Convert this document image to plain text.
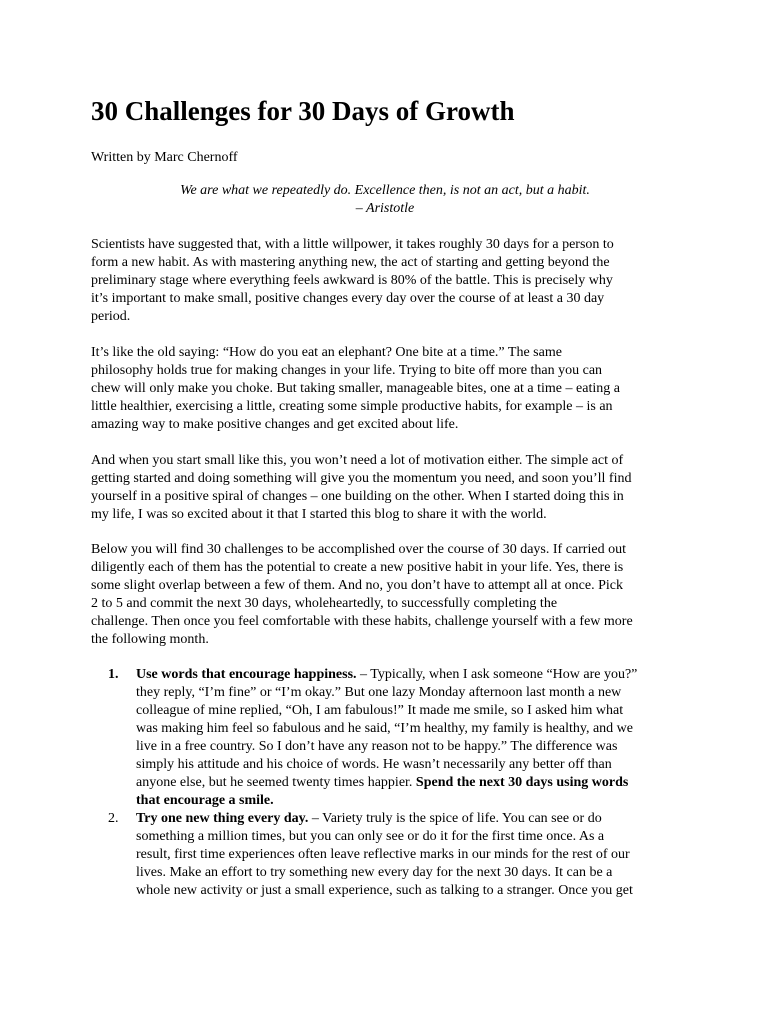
30 Challenges for 30 Days of Growth

Written by Marc Chernoff

We are what we repeatedly do. Excellence then, is not an act, but a habit.
– Aristotle

Scientists have suggested that, with a little willpower, it takes roughly 30 days for a person to
form a new habit. As with mastering anything new, the act of starting and getting beyond the
preliminary stage where everything feels awkward is 80% of the battle. This is precisely why
it’s important to make small, positive changes every day over the course of at least a 30 day
period.

It’s like the old saying: “How do you eat an elephant? One bite at a time.” The same
philosophy holds true for making changes in your life. Trying to bite off more than you can
chew will only make you choke. But taking smaller, manageable bites, one at a time – eating a
little healthier, exercising a little, creating some simple productive habits, for example – is an
amazing way to make positive changes and get excited about life.

And when you start small like this, you won’t need a lot of motivation either. The simple act of
getting started and doing something will give you the momentum you need, and soon you’ll find
yourself in a positive spiral of changes – one building on the other. When I started doing this in
my life, I was so excited about it that I started this blog to share it with the world.

Below you will find 30 challenges to be accomplished over the course of 30 days. If carried out
diligently each of them has the potential to create a new positive habit in your life. Yes, there is
some slight overlap between a few of them. And no, you don’t have to attempt all at once. Pick
2 to 5 and commit the next 30 days, wholeheartedly, to successfully completing the
challenge. Then once you feel comfortable with these habits, challenge yourself with a few more
the following month.

1. Use words that encourage happiness. – Typically, when I ask someone “How are you?”
they reply, “I’m fine” or “I’m okay.” But one lazy Monday afternoon last month a new
colleague of mine replied, “Oh, I am fabulous!” It made me smile, so I asked him what
was making him feel so fabulous and he said, “I’m healthy, my family is healthy, and we
live in a free country. So I don’t have any reason not to be happy.” The difference was
simply his attitude and his choice of words. He wasn’t necessarily any better off than
anyone else, but he seemed twenty times happier. Spend the next 30 days using words
that encourage a smile.
2. Try one new thing every day. – Variety truly is the spice of life. You can see or do
something a million times, but you can only see or do it for the first time once. As a
result, first time experiences often leave reflective marks in our minds for the rest of our
lives. Make an effort to try something new every day for the next 30 days. It can be a
whole new activity or just a small experience, such as talking to a stranger. Once you get
